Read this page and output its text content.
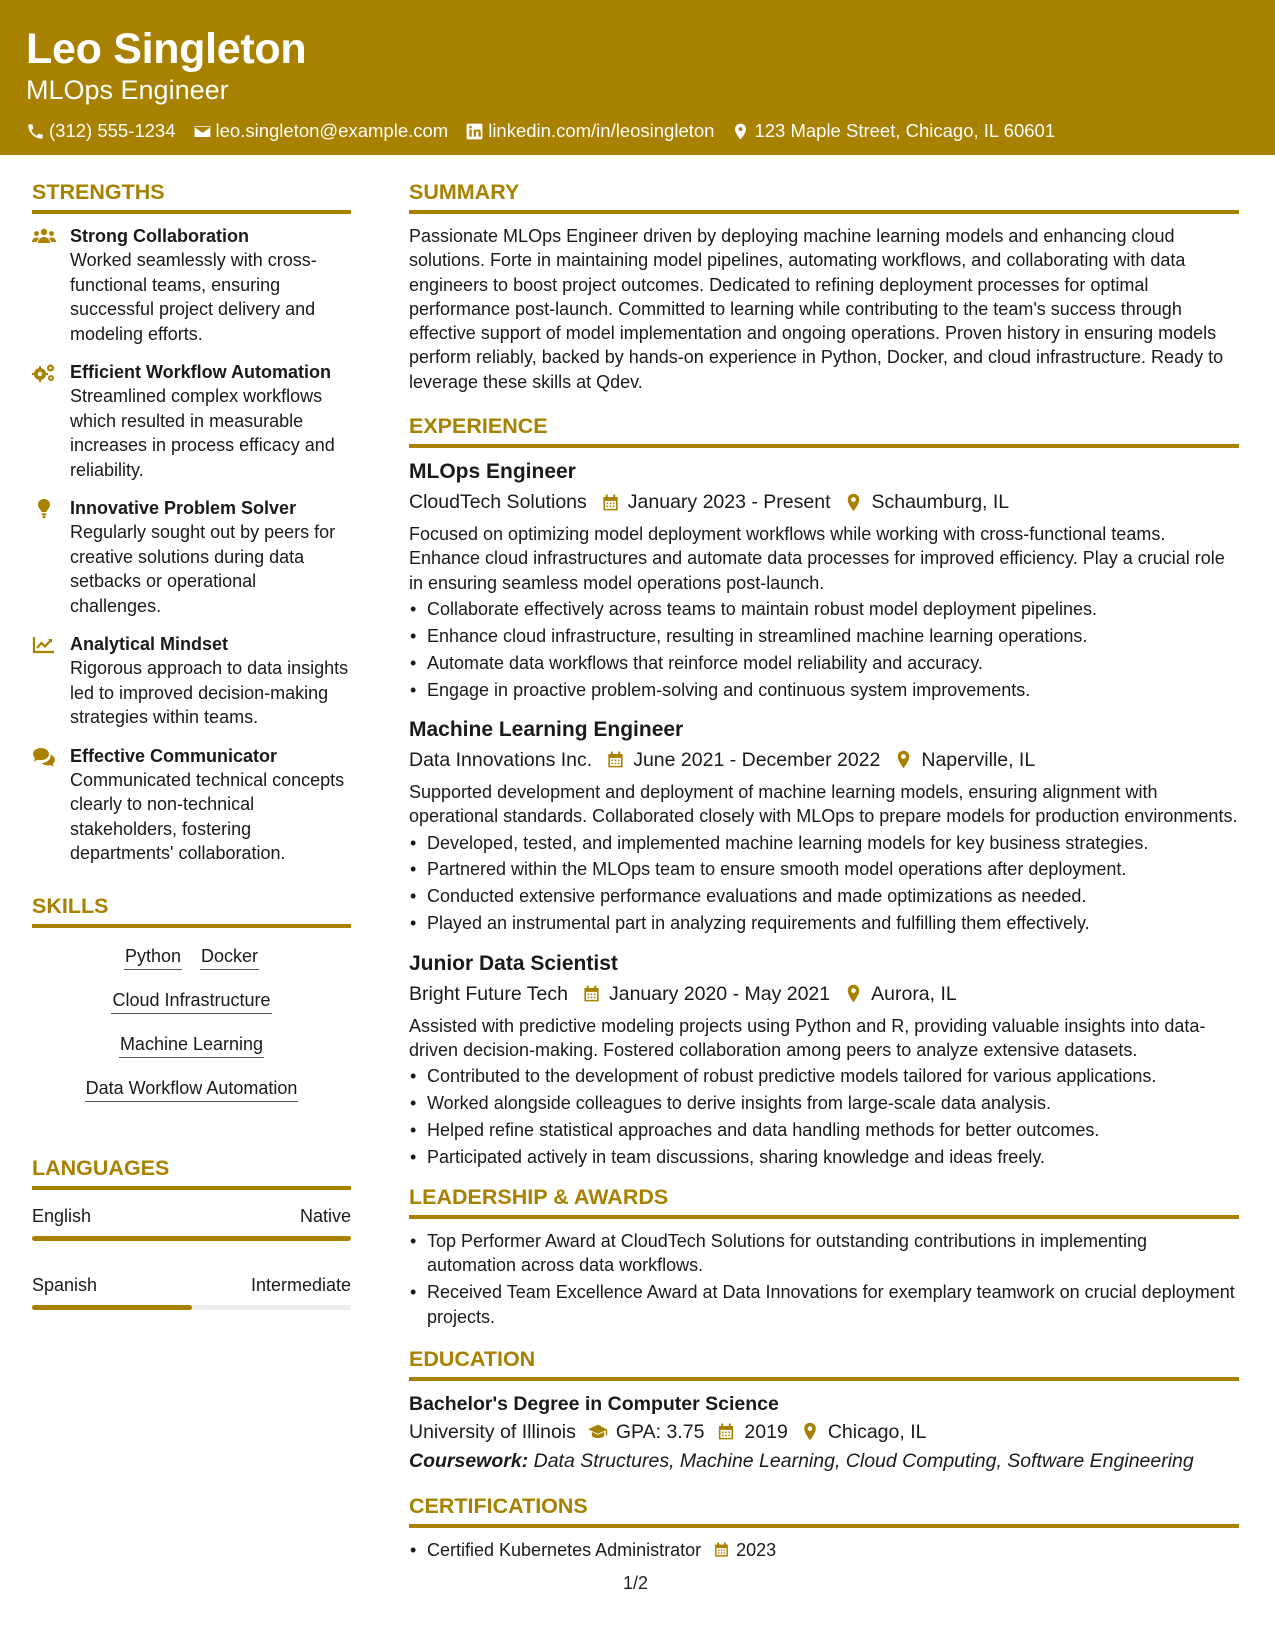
Leo Singleton
MLOps Engineer
(312) 555-1234 leo.singleton@example.com linkedin.com/in/leosingleton 123 Maple Street, Chicago, IL 60601
STRENGTHS
Strong Collaboration
Worked seamlessly with cross-functional teams, ensuring successful project delivery and modeling efforts.
Efficient Workflow Automation
Streamlined complex workflows which resulted in measurable increases in process efficacy and reliability.
Innovative Problem Solver
Regularly sought out by peers for creative solutions during data setbacks or operational challenges.
Analytical Mindset
Rigorous approach to data insights led to improved decision-making strategies within teams.
Effective Communicator
Communicated technical concepts clearly to non-technical stakeholders, fostering departments' collaboration.
SKILLS
Python Docker
Cloud Infrastructure
Machine Learning
Data Workflow Automation
LANGUAGES
English	Native
Spanish	Intermediate
SUMMARY
Passionate MLOps Engineer driven by deploying machine learning models and enhancing cloud solutions. Forte in maintaining model pipelines, automating workflows, and collaborating with data engineers to boost project outcomes. Dedicated to refining deployment processes for optimal performance post-launch. Committed to learning while contributing to the team's success through effective support of model implementation and ongoing operations. Proven history in ensuring models perform reliably, backed by hands-on experience in Python, Docker, and cloud infrastructure. Ready to leverage these skills at Qdev.
EXPERIENCE
MLOps Engineer
CloudTech Solutions January 2023 - Present Schaumburg, IL
Focused on optimizing model deployment workflows while working with cross-functional teams. Enhance cloud infrastructures and automate data processes for improved efficiency. Play a crucial role in ensuring seamless model operations post-launch.
• Collaborate effectively across teams to maintain robust model deployment pipelines.
• Enhance cloud infrastructure, resulting in streamlined machine learning operations.
• Automate data workflows that reinforce model reliability and accuracy.
• Engage in proactive problem-solving and continuous system improvements.
Machine Learning Engineer
Data Innovations Inc. June 2021 - December 2022 Naperville, IL
Supported development and deployment of machine learning models, ensuring alignment with operational standards. Collaborated closely with MLOps to prepare models for production environments.
• Developed, tested, and implemented machine learning models for key business strategies.
• Partnered within the MLOps team to ensure smooth model operations after deployment.
• Conducted extensive performance evaluations and made optimizations as needed.
• Played an instrumental part in analyzing requirements and fulfilling them effectively.
Junior Data Scientist
Bright Future Tech January 2020 - May 2021 Aurora, IL
Assisted with predictive modeling projects using Python and R, providing valuable insights into data-driven decision-making. Fostered collaboration among peers to analyze extensive datasets.
• Contributed to the development of robust predictive models tailored for various applications.
• Worked alongside colleagues to derive insights from large-scale data analysis.
• Helped refine statistical approaches and data handling methods for better outcomes.
• Participated actively in team discussions, sharing knowledge and ideas freely.
LEADERSHIP & AWARDS
• Top Performer Award at CloudTech Solutions for outstanding contributions in implementing automation across data workflows.
• Received Team Excellence Award at Data Innovations for exemplary teamwork on crucial deployment projects.
EDUCATION
Bachelor's Degree in Computer Science
University of Illinois GPA: 3.75 2019 Chicago, IL
Coursework: Data Structures, Machine Learning, Cloud Computing, Software Engineering
CERTIFICATIONS
• Certified Kubernetes Administrator 2023
1/2
